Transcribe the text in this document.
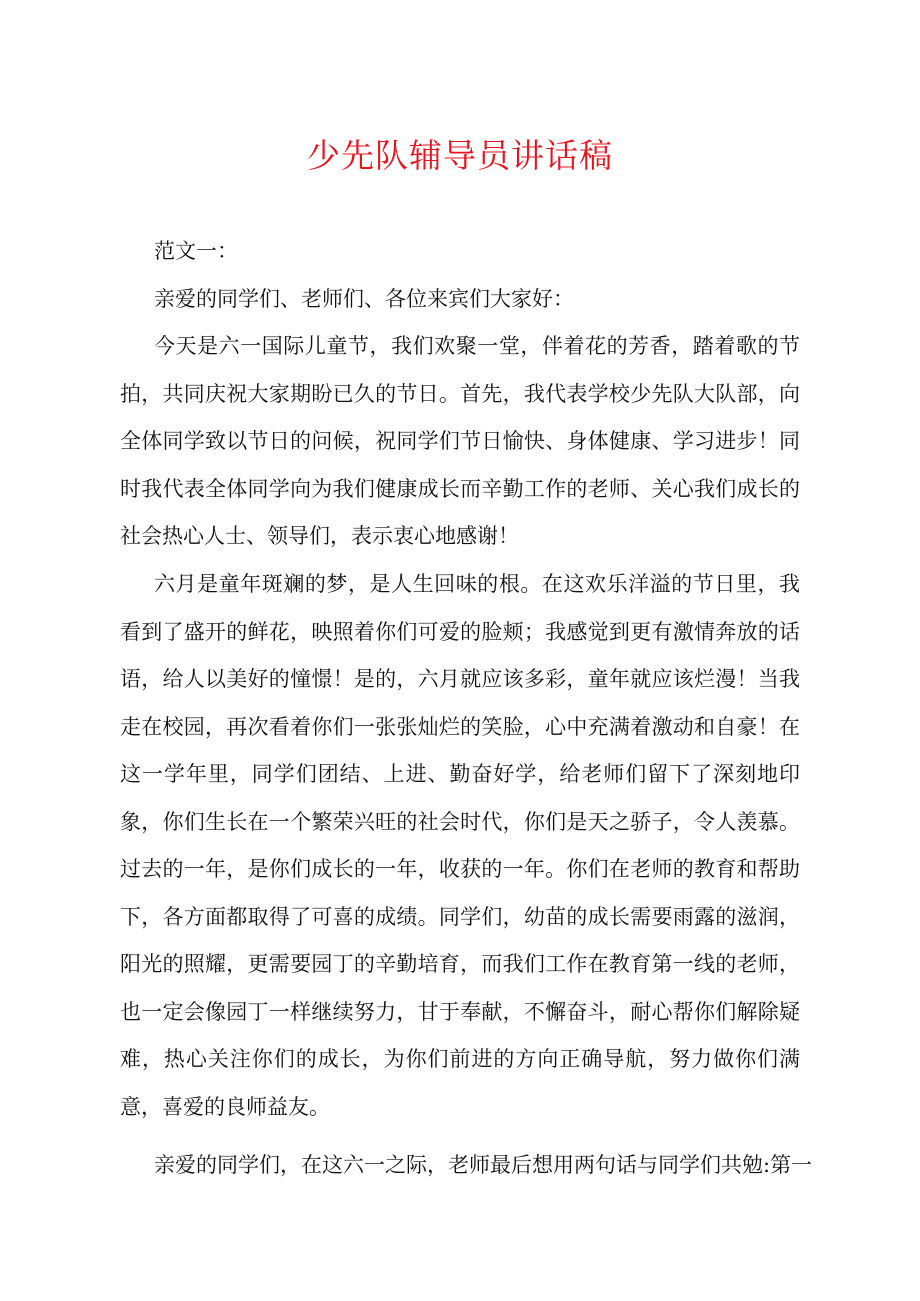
少先队辅导员讲话稿

范文一：

亲爱的同学们、老师们、各位来宾们大家好：

今天是六一国际儿童节，我们欢聚一堂，伴着花的芳香，踏着歌的节拍，共同庆祝大家期盼已久的节日。首先，我代表学校少先队大队部，向全体同学致以节日的问候，祝同学们节日愉快、身体健康、学习进步！同时我代表全体同学向为我们健康成长而辛勤工作的老师、关心我们成长的社会热心人士、领导们，表示衷心地感谢！

六月是童年斑斓的梦，是人生回味的根。在这欢乐洋溢的节日里，我看到了盛开的鲜花，映照着你们可爱的脸颊；我感觉到更有激情奔放的话语，给人以美好的憧憬！是的，六月就应该多彩，童年就应该烂漫！当我走在校园，再次看着你们一张张灿烂的笑脸，心中充满着激动和自豪！在这一学年里，同学们团结、上进、勤奋好学，给老师们留下了深刻地印象，你们生长在一个繁荣兴旺的社会时代，你们是天之骄子，令人羡慕。过去的一年，是你们成长的一年，收获的一年。你们在老师的教育和帮助下，各方面都取得了可喜的成绩。同学们，幼苗的成长需要雨露的滋润，阳光的照耀，更需要园丁的辛勤培育，而我们工作在教育第一线的老师，也一定会像园丁一样继续努力，甘于奉献，不懈奋斗，耐心帮你们解除疑难，热心关注你们的成长，为你们前进的方向正确导航，努力做你们满意，喜爱的良师益友。

亲爱的同学们，在这六一之际，老师最后想用两句话与同学们共勉:第一
